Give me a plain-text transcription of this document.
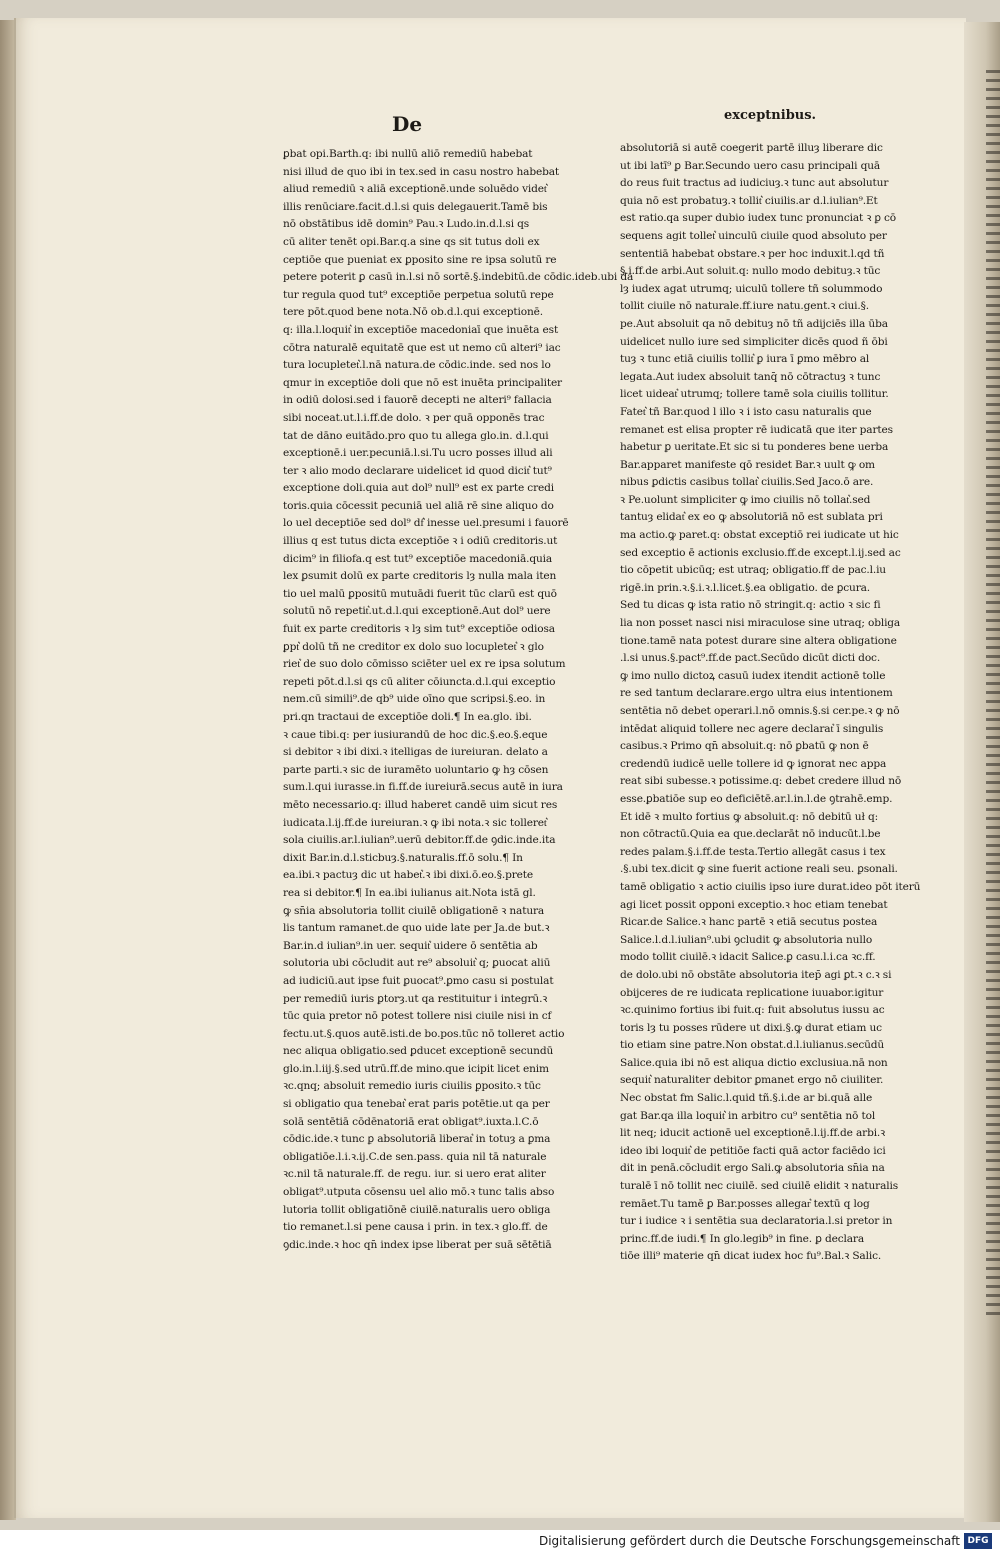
De	exceptnibus.
ꝑbat opi.Barth.q: ibi nullū aliō remediū habebat
nisi illud de quo ibi in tex.sed in casu nostro habebat
aliud remediū ꝛ aliā exceptionē.unde soluēdo videt͛
illis renūciare.facit.d.l.si quis delegauerit.Tamē bis
nō obstātibus idē domin⁹ Pau.ꝛ Ludo.in.d.l.si qs
cū aliter tenēt opi.Bar.q.a sine qs sit tutus doli ex
ceptiōe que pueniat ex ꝑposito sine re ipsa solutū re
petere poterit ꝑ casū in.l.si nō sortē.§.indebitū.de cōdic.ideb.ubi da
tur regula quod tut⁹ exceptiōe perpetua solutū repe
tere pōt.quod bene nota.Nō ob.d.l.qui exceptionē.
q: illa.l.loquit͛ in exceptiōe macedoniaī que inuēta est
cōtra naturalē equitatē que est ut nemo cū alteri⁹ iac
tura locupletet͛.l.nā natura.de cōdic.inde. sed nos lo
qmur in exceptiōe doli que nō est inuēta principaliter
in odiū dolosi.sed i fauorē decepti ne alteri⁹ fallacia
sibi noceat.ut.l.i.ff.de dolo. ꝛ per quā opponēs trac
tat de dāno euitādo.pro quo tu allega glo.in. d.l.qui
exceptionē.i uer.pecuniā.l.si.Tu ucro posses illud ali
ter ꝛ alio modo declarare uidelicet id quod dicit͛ tut⁹
exceptione doli.quia aut dol⁹ null⁹ est ex parte credi
toris.quia cōcessit pecuniā uel aliā rē sine aliquo do
lo uel deceptiōe sed dol⁹ df͛ inesse uel.presumi i fauorē
illius q est tutus dicta exceptiōe ꝛ i odiū creditoris.ut
dicim⁹ in filiofa.q est tut⁹ exceptiōe macedoniā.quia
lex ꝑsumit dolū ex parte creditoris lȝ nulla mala iten
tio uel malū ꝑpositū mutuādi fuerit tūc clarū est quō
solutū nō repetit͛.ut.d.l.qui exceptionē.Aut dol⁹ uere
fuit ex parte creditoris ꝛ lȝ sim tut⁹ exceptiōe odiosa
ꝑpt͛ dolū tñ ne creditor ex dolo suo locupletet͛ ꝛ glo
riet͛ de suo dolo cōmisso sciēter uel ex re ipsa solutum
repeti pōt.d.l.si qs cū aliter cōiuncta.d.l.qui exceptio
nem.cū simili⁹.de qb⁹ uide oīno que scripsi.§.eo. in
pri.qn tractaui de exceptiōe doli.¶ In ea.glo. ibi.
ꝛ caue tibi.q: per iusiurandū de hoc dic.§.eo.§.eque
si debitor ꝛ ibi dixi.ꝛ itelligas de iureiuran. delato a
parte parti.ꝛ sic de iuramēto uoluntario ꝙ hȝ cōsen
sum.l.qui iurasse.in fi.ff.de iureiurā.secus autē in iura
mēto necessario.q: illud haberet candē uim sicut res
iudicata.l.ij.ff.de iureiuran.ꝛ ꝙ ibi nota.ꝛ sic tolleret͛
sola ciuilis.ar.l.iulian⁹.uerū debitor.ff.de ꝯdic.inde.ita
dixit Bar.in.d.l.sticbuȝ.§.naturalis.ff.ō solu.¶ In
ea.ibi.ꝛ pactuȝ dic ut habet͛.ꝛ ibi dixi.ō.eo.§.prete
rea si debitor.¶ In ea.ibi iulianus ait.Nota istā gl.
ꝙ sn̄ia absolutoria tollit ciuilē obligationē ꝛ natura
lis tantum ramanet.de quo uide late per Ja.de but.ꝛ
Bar.in.d iulian⁹.in uer. sequit͛ uidere ō sentētia ab
solutoria ubi cōcludit aut re⁹ absoluit͛ q; ꝑuocat aliū
ad iudiciū.aut ipse fuit ꝑuocat⁹.ꝑmo casu si postulat
per remediū iuris ꝑtorȝ.ut qa restituitur i integrū.ꝛ
tūc quia pretor nō potest tollere nisi ciuile nisi in cf
fectu.ut.§.quos autē.isti.de bo.pos.tūc nō tolleret actio
nec aliqua obligatio.sed ꝑducet exceptionē secundū
glo.in.l.iij.§.sed utrū.ff.de mino.que icipit licet enim
ꝛc.qnq; absoluit remedio iuris ciuilis ꝑposito.ꝛ tūc
si obligatio qua tenebat͛ erat paris potētie.ut qa per
solā sentētiā cōdēnatoriā erat obligat⁹.iuxta.l.C.ō
cōdic.ide.ꝛ tunc ꝑ absolutoriā liberat͛ in totuȝ a ꝑma
obligatiōe.l.i.ꝛ.ij.C.de sen.pass. quia nil tā naturale
ꝛc.nil tā naturale.ff. de regu. iur. si uero erat aliter
obligat⁹.utputa cōsensu uel alio mō.ꝛ tunc talis abso
lutoria tollit obligatiōnē ciuilē.naturalis uero obliga
tio remanet.l.si pene causa i prin. in tex.ꝛ glo.ff. de
ꝯdic.inde.ꝛ hoc qn̄ index ipse liberat per suā sētētiā
absolutoriā si autē coegerit partē illuȝ liberare dic
ut ibi latī⁹ ꝑ Bar.Secundo uero casu principali quā
do reus fuit tractus ad iudiciuȝ.ꝛ tunc aut absolutur
quia nō est probatuȝ.ꝛ tollit͛ ciuilis.ar d.l.iulian⁹.Et
est ratio.qa super dubio iudex tunc pronunciat ꝛ ꝑ cō
sequens agit tollet͛ uinculū ciuile quod absoluto per
sententiā habebat obstare.ꝛ per hoc induxit.l.qd tñ
§.i.ff.de arbi.Aut soluit.q: nullo modo debituȝ.ꝛ tūc
lȝ iudex agat utrumq; uiculū tollere tñ solummodo
tollit ciuile nō naturale.ff.iure natu.gent.ꝛ ciui.§.
pe.Aut absoluit qa nō debituȝ nō tñ adijciēs illa ūba
uidelicet nullo iure sed simpliciter dicēs quod ñ ōbi
tuȝ ꝛ tunc etiā ciuilis tollit͛ ꝑ iura ī ꝑmo mēbro al
legata.Aut iudex absoluit tanq̄ nō cōtractuȝ ꝛ tunc
licet uideat͛ utrumq; tollere tamē sola ciuilis tollitur.
Fatet͛ tñ Bar.quod l illo ꝛ i isto casu naturalis que
remanet est elisa propter rē iudicatā que iter partes
habetur ꝑ ueritate.Et sic si tu ponderes bene uerba
Bar.apparet manifeste qō residet Bar.ꝛ uult ꝙ om
nibus ꝑdictis casibus tollat͛ ciuilis.Sed Jaco.ō are.
ꝛ Pe.uolunt simpliciter ꝙ imo ciuilis nō tollat͛.sed
tantuȝ elidat͛ ex eo ꝙ absolutoriā nō est sublata pri
ma actio.ꝙ paret.q: obstat exceptiō rei iudicate ut hic
sed exceptio ē actionis exclusio.ff.de except.l.ij.sed ac
tio cōpetit ubicūq; est utraq; obligatio.ff de pac.l.iu
rigē.in prin.ꝛ.§.i.ꝛ.l.licet.§.ea obligatio. de ꝑcura.
Sed tu dicas ꝙ ista ratio nō stringit.q: actio ꝛ sic fi
lia non posset nasci nisi miraculose sine utraq; obliga
tione.tamē nata potest durare sine altera obligatione
.l.si unus.§.pact⁹.ff.de pact.Secūdo dicūt dicti doc.
ꝙ imo nullo dictoꝝ casuū iudex itendit actionē tolle
re sed tantum declarare.ergo ultra eius intentionem
sentētia nō debet operari.l.nō omnis.§.si cer.pe.ꝛ ꝙ nō
intēdat aliquid tollere nec agere declarat͛ ī singulis
casibus.ꝛ Primo qn̄ absoluit.q: nō ꝑbatū ꝙ non ē
credendū iudicē uelle tollere id ꝙ ignorat nec appa
reat sibi subesse.ꝛ potissime.q: debet credere illud nō
esse.ꝑbatiōe sup eo deficiētē.ar.l.in.l.de ꝯtrahē.emp.
Et idē ꝛ multo fortius ꝙ absoluit.q: nō debitū uł q:
non cōtractū.Quia ea que.declarāt nō inducūt.l.be
redes palam.§.i.ff.de testa.Tertio allegāt casus i tex
.§.ubi tex.dicit ꝙ sine fuerit actione reali seu. ꝑsonali.
tamē obligatio ꝛ actio ciuilis ipso iure durat.ideo pōt iterū
agi licet possit opponi exceptio.ꝛ hoc etiam tenebat
Ricar.de Salice.ꝛ hanc partē ꝛ etiā secutus postea
Salice.l.d.l.iulian⁹.ubi ꝯcludit ꝙ absolutoria nullo
modo tollit ciuilē.ꝛ idacit Salice.ꝑ casu.l.i.ca ꝛc.ff.
de dolo.ubi nō obstāte absolutoria itep̄ agi ꝑt.ꝛ c.ꝛ si
obijceres de re iudicata replicatione iuuabor.igitur
ꝛc.quinimo fortius ibi fuit.q: fuit absolutus iussu ac
toris lȝ tu posses rūdere ut dixi.§.ꝙ durat etiam uc
tio etiam sine patre.Non obstat.d.l.iulianus.secūdū
Salice.quia ibi nō est aliqua dictio exclusiua.nā non
sequit͛ naturaliter debitor ꝑmanet ergo nō ciuiliter.
Nec obstat fm Salic.l.quid tñ.§.i.de ar bi.quā alle
gat Bar.qa illa loquit͛ in arbitro cu⁹ sentētia nō tol
lit neq; iducit actionē uel exceptionē.l.ij.ff.de arbi.ꝛ
ideo ibi loquit͛ de petitiōe facti quā actor faciēdo ici
dit in penā.cōcludit ergo Sali.ꝙ absolutoria sn̄ia na
turalē ī nō tollit nec ciuilē. sed ciuilē elidit ꝛ naturalis
remāet.Tu tamē ꝑ Bar.posses allegar͛ textū q log
tur i iudice ꝛ i sentētia sua declaratoria.l.si pretor in
princ.ff.de iudi.¶ In glo.legib⁹ in fine. ꝑ declara
tiōe illi⁹ materie qn̄ dicat iudex hoc fu⁹.Bal.ꝛ Salic.
Digitalisierung gefördert durch die Deutsche Forschungsgemeinschaft DFG
